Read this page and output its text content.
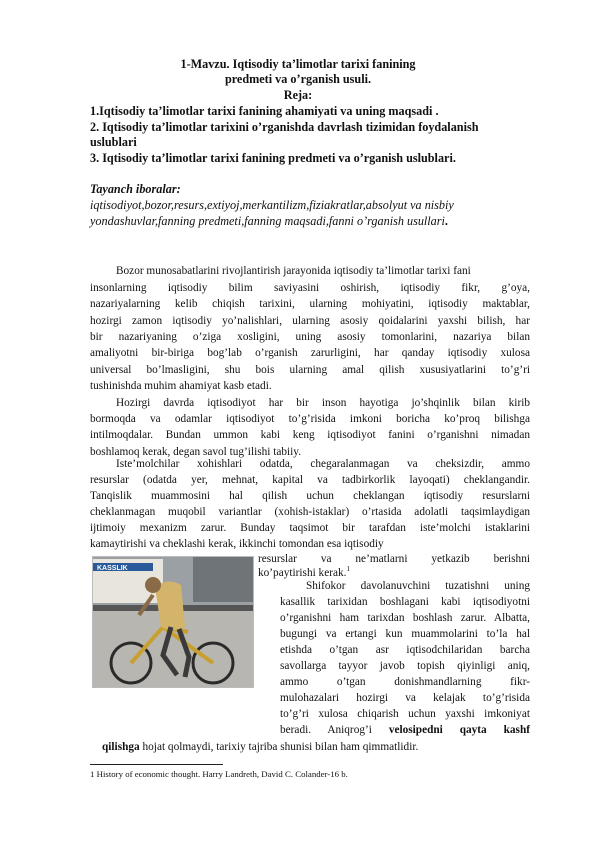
1-Mavzu. Iqtisodiy ta’limotlar tarixi fanining
predmeti va o’rganish usuli.
Reja:
1.Iqtisodiy ta’limotlar tarixi fanining ahamiyati va uning maqsadi .
2. Iqtisodiy ta’limotlar tarixini o’rganishda davrlash tizimidan foydalanish
uslublari
3. Iqtisodiy ta’limotlar tarixi fanining predmeti va o’rganish uslublari.
Tayanch iboralar:
iqtisodiyot,bozor,resurs,extiyoj,merkantilizm,fiziakratlar,absolyut va nisbiy
yondashuvlar,fanning predmeti,fanning maqsadi,fanni o’rganish usullari.
Bozor munosabatlarini rivojlantirish jarayonida iqtisodiy ta’limotlar tarixi fani
insonlarning iqtisodiy bilim saviyasini oshirish, iqtisodiy fikr, g’oya,
nazariyalarning kelib chiqish tarixini, ularning mohiyatini, iqtisodiy maktablar,
hozirgi zamon iqtisodiy yo’nalishlari, ularning asosiy qoidalarini yaxshi bilish, har
bir nazariyaning o’ziga xosligini, uning asosiy tomonlarini, nazariya bilan
amaliyotni bir-biriga bog’lab o’rganish zarurligini, har qanday iqtisodiy xulosa
universal bo’lmasligini, shu bois ularning amal qilish xususiyatlarini to’g’ri
tushinishda muhim ahamiyat kasb etadi.
Hozirgi davrda iqtisodiyot har bir inson hayotiga jo’shqinlik bilan kirib
bormoqda va odamlar iqtisodiyot to’g’risida imkoni boricha ko’proq bilishga
intilmoqdalar. Bundan ummon kabi keng iqtisodiyot fanini o’rganishni nimadan
boshlamoq kerak, degan savol tug’ilishi tabiiy.
Iste’molchilar xohishlari odatda, chegaralanmagan va cheksizdir, ammo
resurslar (odatda yer, mehnat, kapital va tadbirkorlik layoqati) cheklangandir.
Tanqislik muammosini hal qilish uchun cheklangan iqtisodiy resurslarni
cheklanmagan muqobil variantlar (xohish-istaklar) o’rtasida adolatli taqsimlaydigan
ijtimoiy mexanizm zarur. Bunday taqsimot bir tarafdan iste’molchi istaklarini
kamaytirishi va cheklashi kerak, ikkinchi tomondan esa iqtisodiy
resurslar va ne’matlarni yetkazib berishni
ko’paytirishi kerak.$^1$
KASSLIK
Shifokor davolanuvchini tuzatishni uning
kasallik tarixidan boshlagani kabi iqtisodiyotni
o’rganishni ham tarixdan boshlash zarur. Albatta,
bugungi va ertangi kun muammolarini to’la hal
etishda o’tgan asr iqtisodchilaridan barcha
savollarga tayyor javob topish qiyinligi aniq,
ammo o’tgan donishmandlarning fikr-
mulohazalari hozirgi va kelajak to’g’risida
to’g’ri xulosa chiqarish uchun yaxshi imkoniyat
beradi. Aniqrog’i velosipedni qayta kashf
qilishga hojat qolmaydi, tarixiy tajriba shunisi bilan ham qimmatlidir.
1 History of economic thought. Harry Landreth, David C. Colander-16 b.
